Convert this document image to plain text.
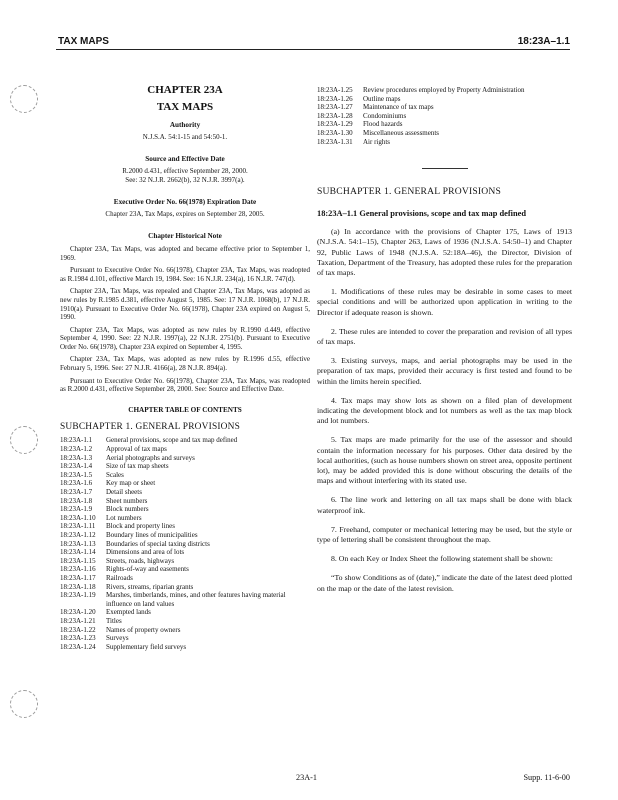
TAX MAPS	18:23A–1.1
CHAPTER 23A
TAX MAPS
Authority
N.J.S.A. 54:1-15 and 54:50-1.
Source and Effective Date
R.2000 d.431, effective September 28, 2000.
See: 32 N.J.R. 2662(b), 32 N.J.R. 3997(a).
Executive Order No. 66(1978) Expiration Date
Chapter 23A, Tax Maps, expires on September 28, 2005.
Chapter Historical Note

Chapter 23A, Tax Maps, was adopted and became effective prior to September 1, 1969.

Pursuant to Executive Order No. 66(1978), Chapter 23A, Tax Maps, was readopted as R.1984 d.101, effective March 19, 1984. See: 16 N.J.R. 234(a), 16 N.J.R. 747(d).

Chapter 23A, Tax Maps, was repealed and Chapter 23A, Tax Maps, was adopted as new rules by R.1985 d.381, effective August 5, 1985. See: 17 N.J.R. 1068(b), 17 N.J.R. 1910(a). Pursuant to Executive Order No. 66(1978), Chapter 23A expired on August 5, 1990.

Chapter 23A, Tax Maps, was adopted as new rules by R.1990 d.449, effective September 4, 1990. See: 22 N.J.R. 1997(a), 22 N.J.R. 2751(b). Pursuant to Executive Order No. 66(1978), Chapter 23A expired on September 4, 1995.

Chapter 23A, Tax Maps, was adopted as new rules by R.1996 d.55, effective February 5, 1996. See: 27 N.J.R. 4166(a), 28 N.J.R. 894(a).

Pursuant to Executive Order No. 66(1978), Chapter 23A, Tax Maps, was readopted as R.2000 d.431, effective September 28, 2000. See: Source and Effective Date.

CHAPTER TABLE OF CONTENTS
SUBCHAPTER 1. GENERAL PROVISIONS
18:23A-1.1	General provisions, scope and tax map defined
18:23A-1.2	Approval of tax maps
18:23A-1.3	Aerial photographs and surveys
18:23A-1.4	Size of tax map sheets
18:23A-1.5	Scales
18:23A-1.6	Key map or sheet
18:23A-1.7	Detail sheets
18:23A-1.8	Sheet numbers
18:23A-1.9	Block numbers
18:23A-1.10	Lot numbers
18:23A-1.11	Block and property lines
18:23A-1.12	Boundary lines of municipalities
18:23A-1.13	Boundaries of special taxing districts
18:23A-1.14	Dimensions and area of lots
18:23A-1.15	Streets, roads, highways
18:23A-1.16	Rights-of-way and easements
18:23A-1.17	Railroads
18:23A-1.18	Rivers, streams, riparian grants
18:23A-1.19	Marshes, timberlands, mines, and other features having material influence on land values
18:23A-1.20	Exempted lands
18:23A-1.21	Titles
18:23A-1.22	Names of property owners
18:23A-1.23	Surveys
18:23A-1.24	Supplementary field surveys
18:23A-1.25	Review procedures employed by Property Administration
18:23A-1.26	Outline maps
18:23A-1.27	Maintenance of tax maps
18:23A-1.28	Condominiums
18:23A-1.29	Flood hazards
18:23A-1.30	Miscellaneous assessments
18:23A-1.31	Air rights
SUBCHAPTER 1. GENERAL PROVISIONS
18:23A–1.1 General provisions, scope and tax map defined

(a) In accordance with the provisions of Chapter 175, Laws of 1913 (N.J.S.A. 54:1–15), Chapter 263, Laws of 1936 (N.J.S.A. 54:50–1) and Chapter 92, Public Laws of 1948 (N.J.S.A. 52:18A–46), the Director, Division of Taxation, Department of the Treasury, has adopted these rules for the preparation of tax maps.

1. Modifications of these rules may be desirable in some cases to meet special conditions and will be authorized upon application in writing to the Director if adequate reason is shown.

2. These rules are intended to cover the preparation and revision of all types of tax maps.

3. Existing surveys, maps, and aerial photographs may be used in the preparation of tax maps, provided their accuracy is first tested and found to be within the limits herein specified.

4. Tax maps may show lots as shown on a filed plan of development indicating the development block and lot numbers as well as the tax map block and lot numbers.

5. Tax maps are made primarily for the use of the assessor and should contain the information necessary for his purposes. Other data desired by the local authorities, (such as house numbers shown on street area, opposite pertinent lot), may be added provided this is done without obscuring the details of the maps and without interfering with its stated use.

6. The line work and lettering on all tax maps shall be done with black waterproof ink.

7. Freehand, computer or mechanical lettering may be used, but the style or type of lettering shall be consistent throughout the map.

8. On each Key or Index Sheet the following statement shall be shown:

“To show Conditions as of (date),” indicate the date of the latest deed plotted on the map or the date of the latest revision.

23A-1	Supp. 11-6-00
